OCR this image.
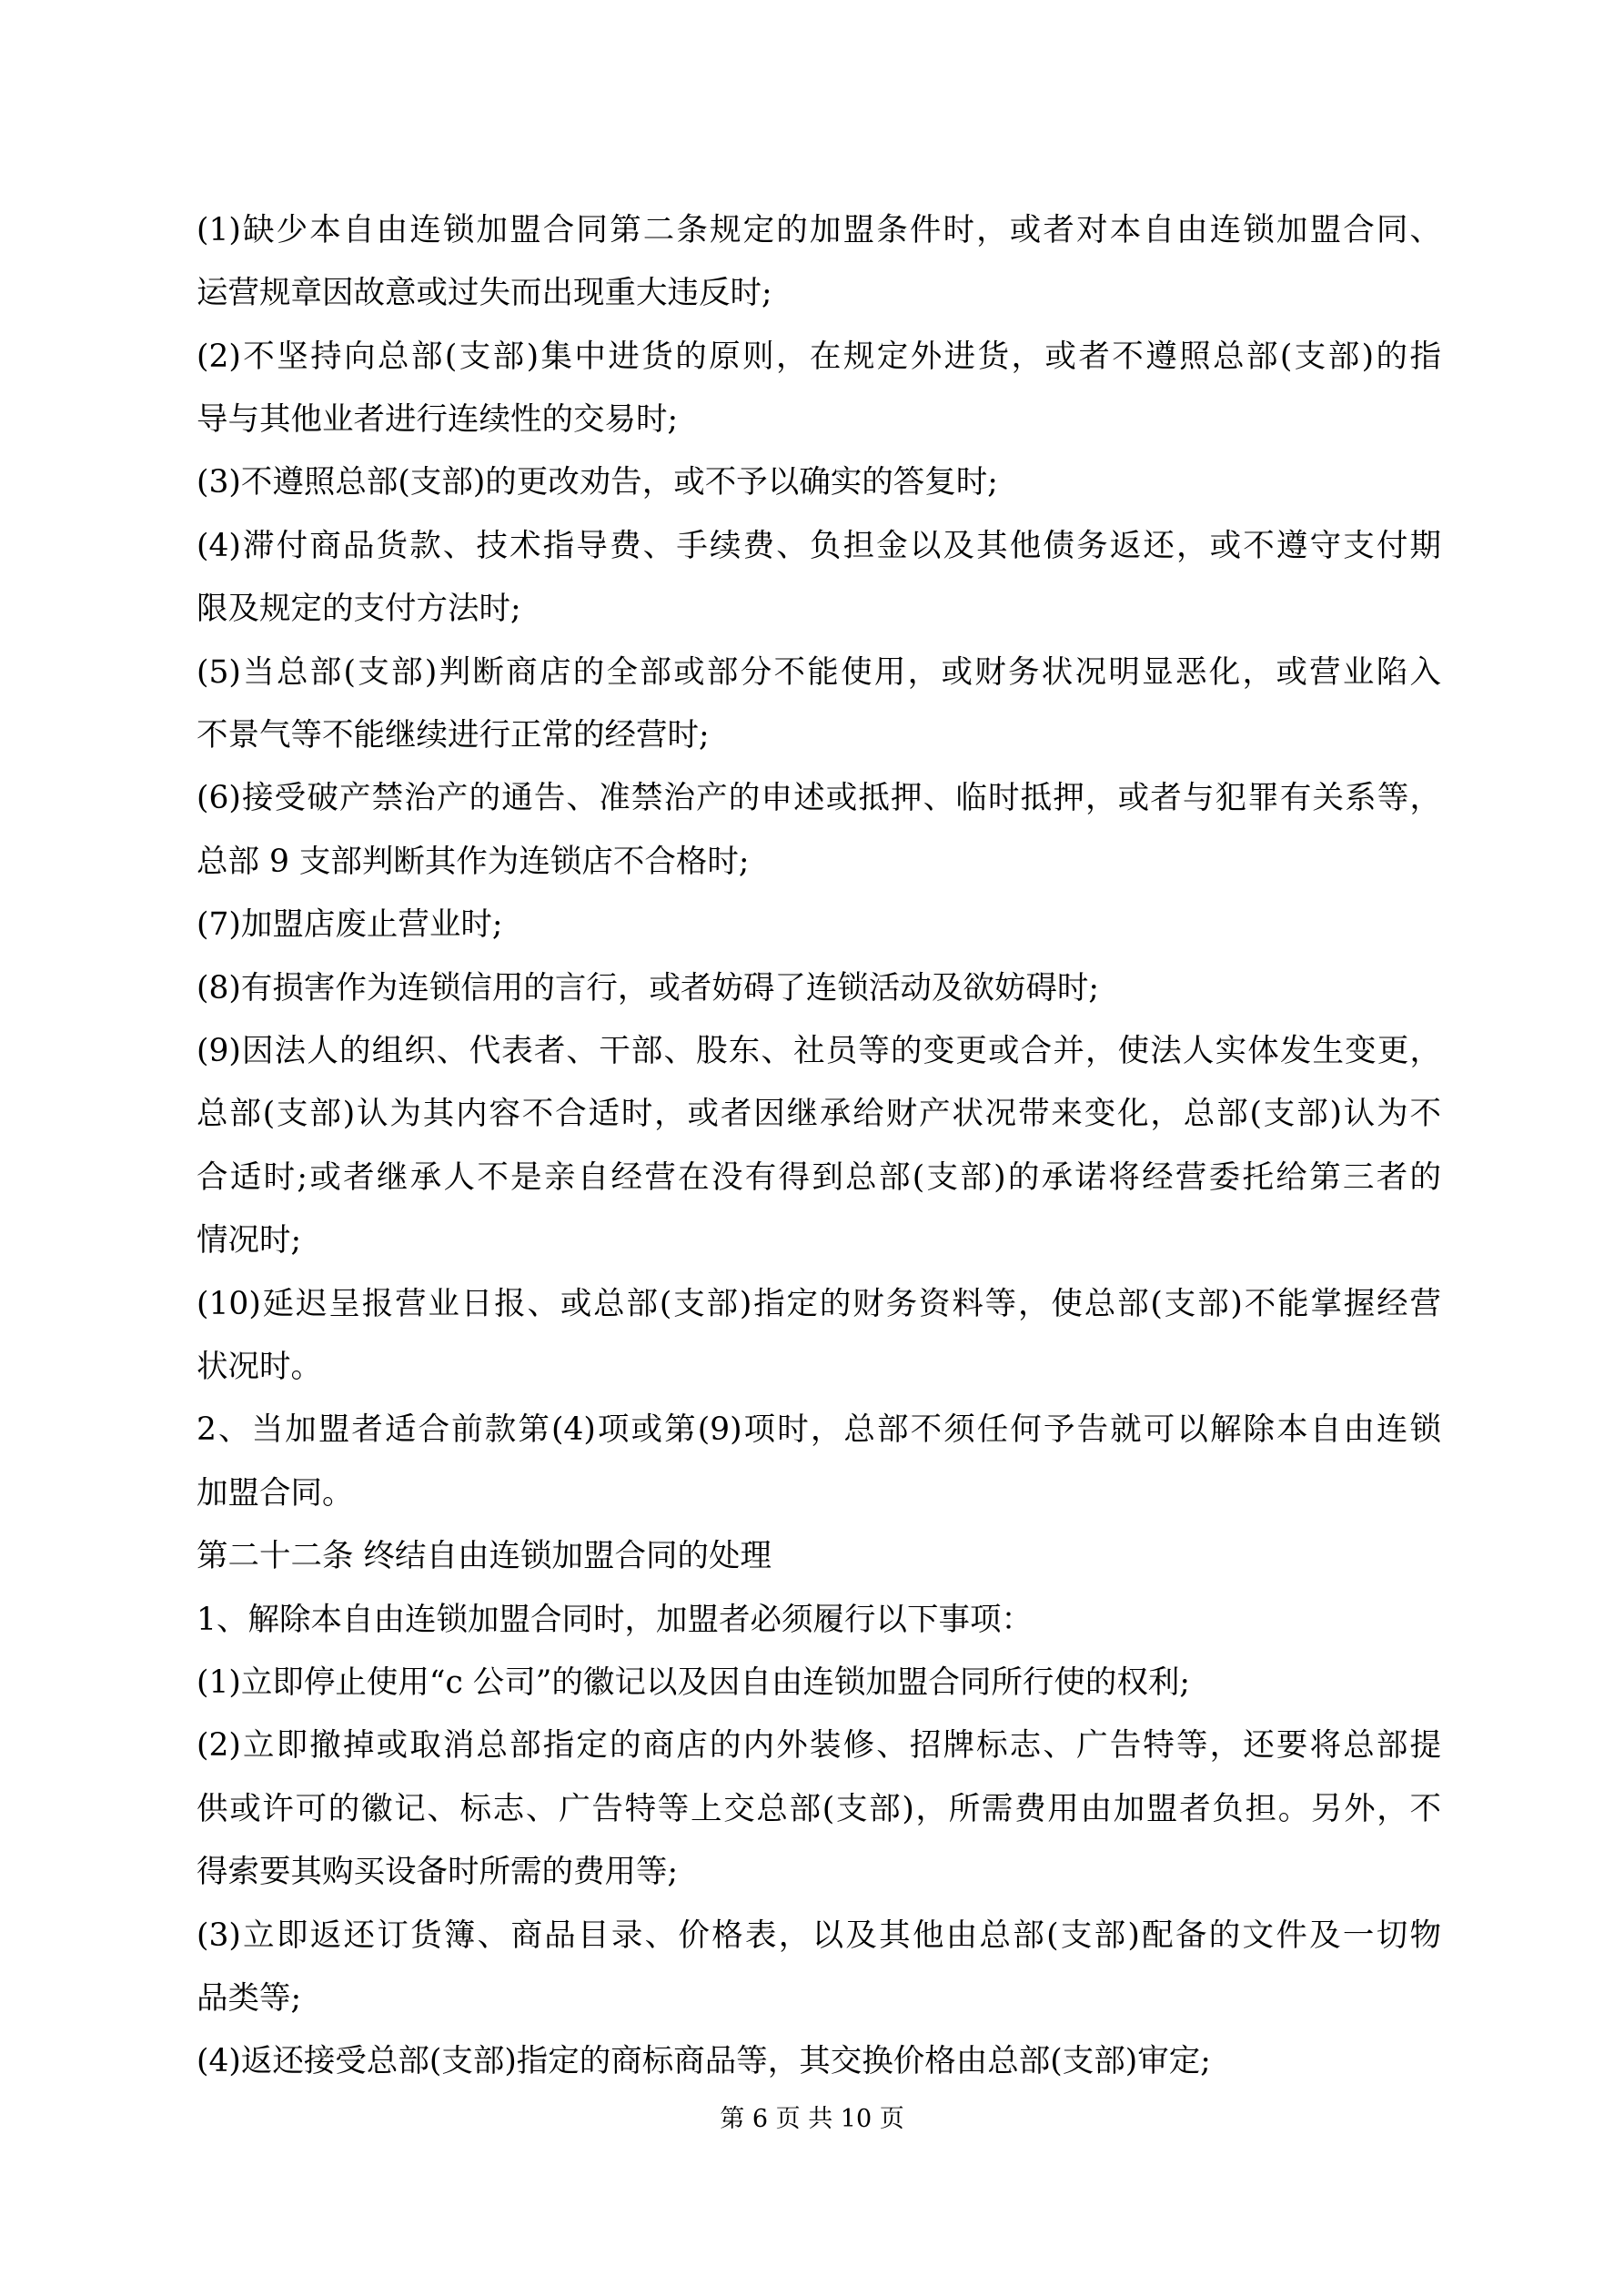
(1)缺少本自由连锁加盟合同第二条规定的加盟条件时，或者对本自由连锁加盟合同、
运营规章因故意或过失而出现重大违反时;
(2)不坚持向总部(支部)集中进货的原则，在规定外进货，或者不遵照总部(支部)的指
导与其他业者进行连续性的交易时;
(3)不遵照总部(支部)的更改劝告，或不予以确实的答复时;
(4)滞付商品货款、技术指导费、手续费、负担金以及其他债务返还，或不遵守支付期
限及规定的支付方法时;
(5)当总部(支部)判断商店的全部或部分不能使用，或财务状况明显恶化，或营业陷入
不景气等不能继续进行正常的经营时;
(6)接受破产禁治产的通告、准禁治产的申述或抵押、临时抵押，或者与犯罪有关系等，
总部 9 支部判断其作为连锁店不合格时;
(7)加盟店废止营业时;
(8)有损害作为连锁信用的言行，或者妨碍了连锁活动及欲妨碍时;
(9)因法人的组织、代表者、干部、股东、社员等的变更或合并，使法人实体发生变更，
总部(支部)认为其内容不合适时，或者因继承给财产状况带来变化，总部(支部)认为不
合适时;或者继承人不是亲自经营在没有得到总部(支部)的承诺将经营委托给第三者的
情况时;
(10)延迟呈报营业日报、或总部(支部)指定的财务资料等，使总部(支部)不能掌握经营
状况时。
2、当加盟者适合前款第(4)项或第(9)项时，总部不须任何予告就可以解除本自由连锁
加盟合同。
第二十二条 终结自由连锁加盟合同的处理
1、解除本自由连锁加盟合同时，加盟者必须履行以下事项：
(1)立即停止使用“c 公司”的徽记以及因自由连锁加盟合同所行使的权利;
(2)立即撤掉或取消总部指定的商店的内外装修、招牌标志、广告特等，还要将总部提
供或许可的徽记、标志、广告特等上交总部(支部)，所需费用由加盟者负担。另外，不
得索要其购买设备时所需的费用等;
(3)立即返还订货簿、商品目录、价格表，以及其他由总部(支部)配备的文件及一切物
品类等;
(4)返还接受总部(支部)指定的商标商品等，其交换价格由总部(支部)审定;
第 6 页 共 10 页
